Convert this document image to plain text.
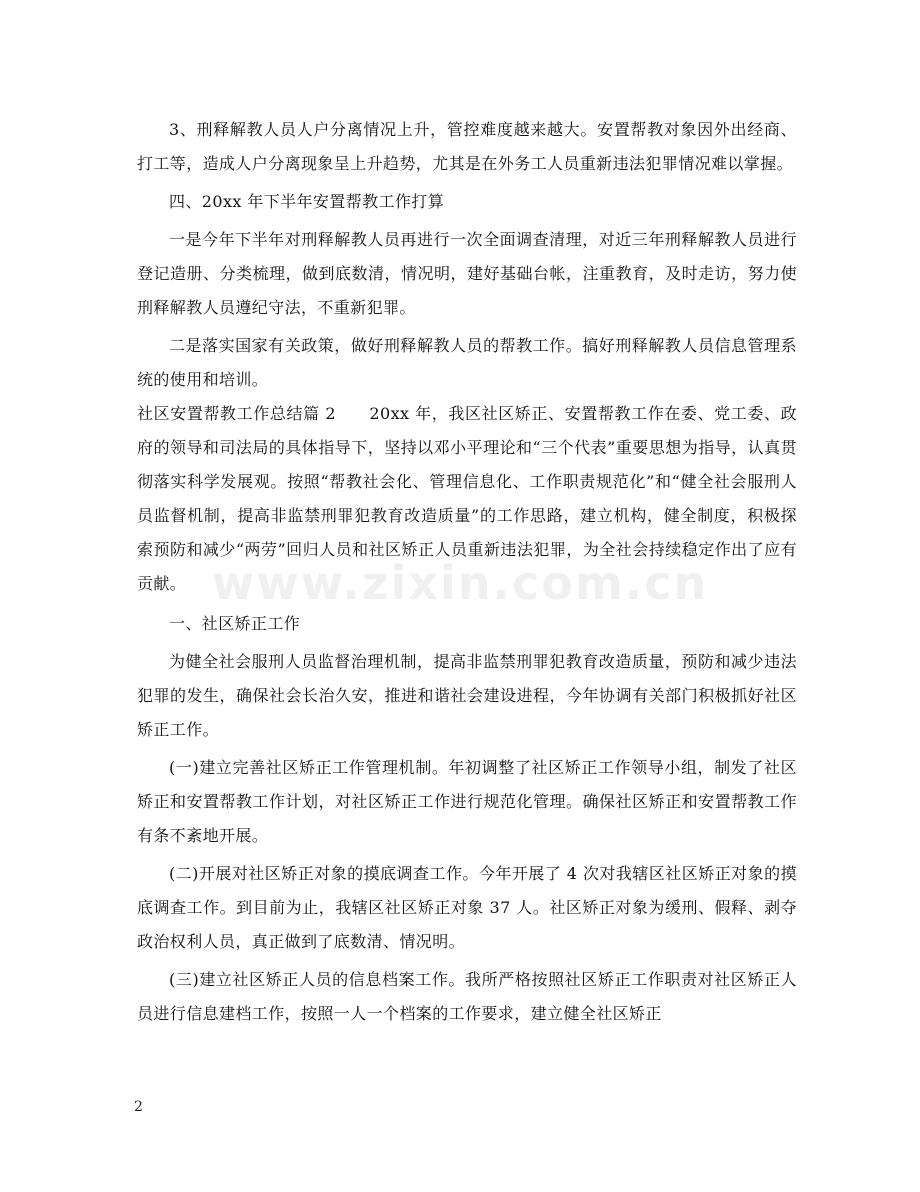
3、刑释解教人员人户分离情况上升，管控难度越来越大。安置帮教对象因外出经商、打工等，造成人户分离现象呈上升趋势，尤其是在外务工人员重新违法犯罪情况难以掌握。

四、20xx 年下半年安置帮教工作打算

一是今年下半年对刑释解教人员再进行一次全面调查清理，对近三年刑释解教人员进行登记造册、分类梳理，做到底数清，情况明，建好基础台帐，注重教育，及时走访，努力使刑释解教人员遵纪守法，不重新犯罪。

二是落实国家有关政策，做好刑释解教人员的帮教工作。搞好刑释解教人员信息管理系统的使用和培训。

社区安置帮教工作总结篇 2　　20xx 年，我区社区矫正、安置帮教工作在委、党工委、政府的领导和司法局的具体指导下，坚持以邓小平理论和“三个代表”重要思想为指导，认真贯彻落实科学发展观。按照“帮教社会化、管理信息化、工作职责规范化”和“健全社会服刑人员监督机制，提高非监禁刑罪犯教育改造质量”的工作思路，建立机构，健全制度，积极探索预防和减少“两劳”回归人员和社区矫正人员重新违法犯罪，为全社会持续稳定作出了应有贡献。

一、社区矫正工作

为健全社会服刑人员监督治理机制，提高非监禁刑罪犯教育改造质量，预防和减少违法犯罪的发生，确保社会长治久安，推进和谐社会建设进程，今年协调有关部门积极抓好社区矫正工作。

(一)建立完善社区矫正工作管理机制。年初调整了社区矫正工作领导小组，制发了社区矫正和安置帮教工作计划，对社区矫正工作进行规范化管理。确保社区矫正和安置帮教工作有条不紊地开展。

(二)开展对社区矫正对象的摸底调查工作。今年开展了 4 次对我辖区社区矫正对象的摸底调查工作。到目前为止，我辖区社区矫正对象 37 人。社区矫正对象为缓刑、假释、剥夺政治权利人员，真正做到了底数清、情况明。

(三)建立社区矫正人员的信息档案工作。我所严格按照社区矫正工作职责对社区矫正人员进行信息建档工作，按照一人一个档案的工作要求，建立健全社区矫正

www.zixin.com.cn
2
